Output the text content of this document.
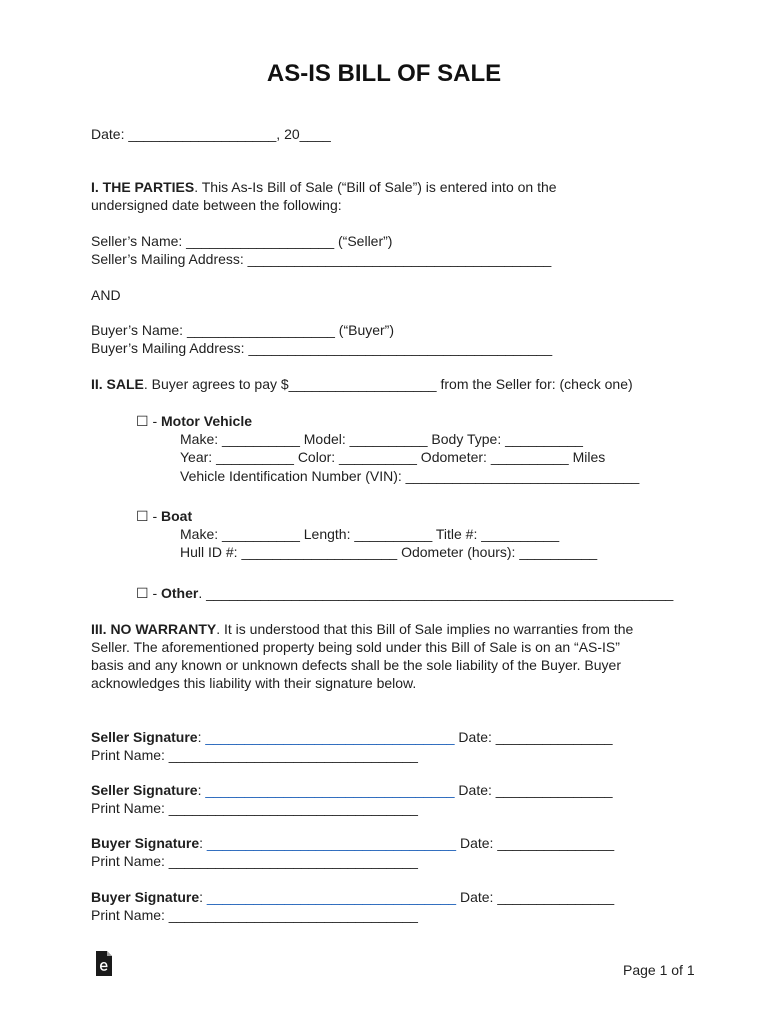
AS-IS BILL OF SALE
Date: ___________________, 20____
I. THE PARTIES. This As-Is Bill of Sale (“Bill of Sale”) is entered into on the
undersigned date between the following:
Seller’s Name: ___________________ (“Seller”)
Seller’s Mailing Address: _______________________________________
AND
Buyer’s Name: ___________________ (“Buyer”)
Buyer’s Mailing Address: _______________________________________
II. SALE. Buyer agrees to pay $___________________ from the Seller for: (check one)
☐ - Motor Vehicle
Make: __________ Model: __________ Body Type: __________
Year: __________ Color: __________ Odometer: __________ Miles
Vehicle Identification Number (VIN): ______________________________
☐ - Boat
Make: __________ Length: __________ Title #: __________
Hull ID #: ____________________ Odometer (hours): __________
☐ - Other. ____________________________________________________________
III. NO WARRANTY. It is understood that this Bill of Sale implies no warranties from the
Seller. The aforementioned property being sold under this Bill of Sale is on an “AS-IS”
basis and any known or unknown defects shall be the sole liability of the Buyer. Buyer
acknowledges this liability with their signature below.
Seller Signature: ________________________________ Date: _______________
Print Name: ________________________________
Seller Signature: ________________________________ Date: _______________
Print Name: ________________________________
Buyer Signature: ________________________________ Date: _______________
Print Name: ________________________________
Buyer Signature: ________________________________ Date: _______________
Print Name: ________________________________
Page 1 of 1
